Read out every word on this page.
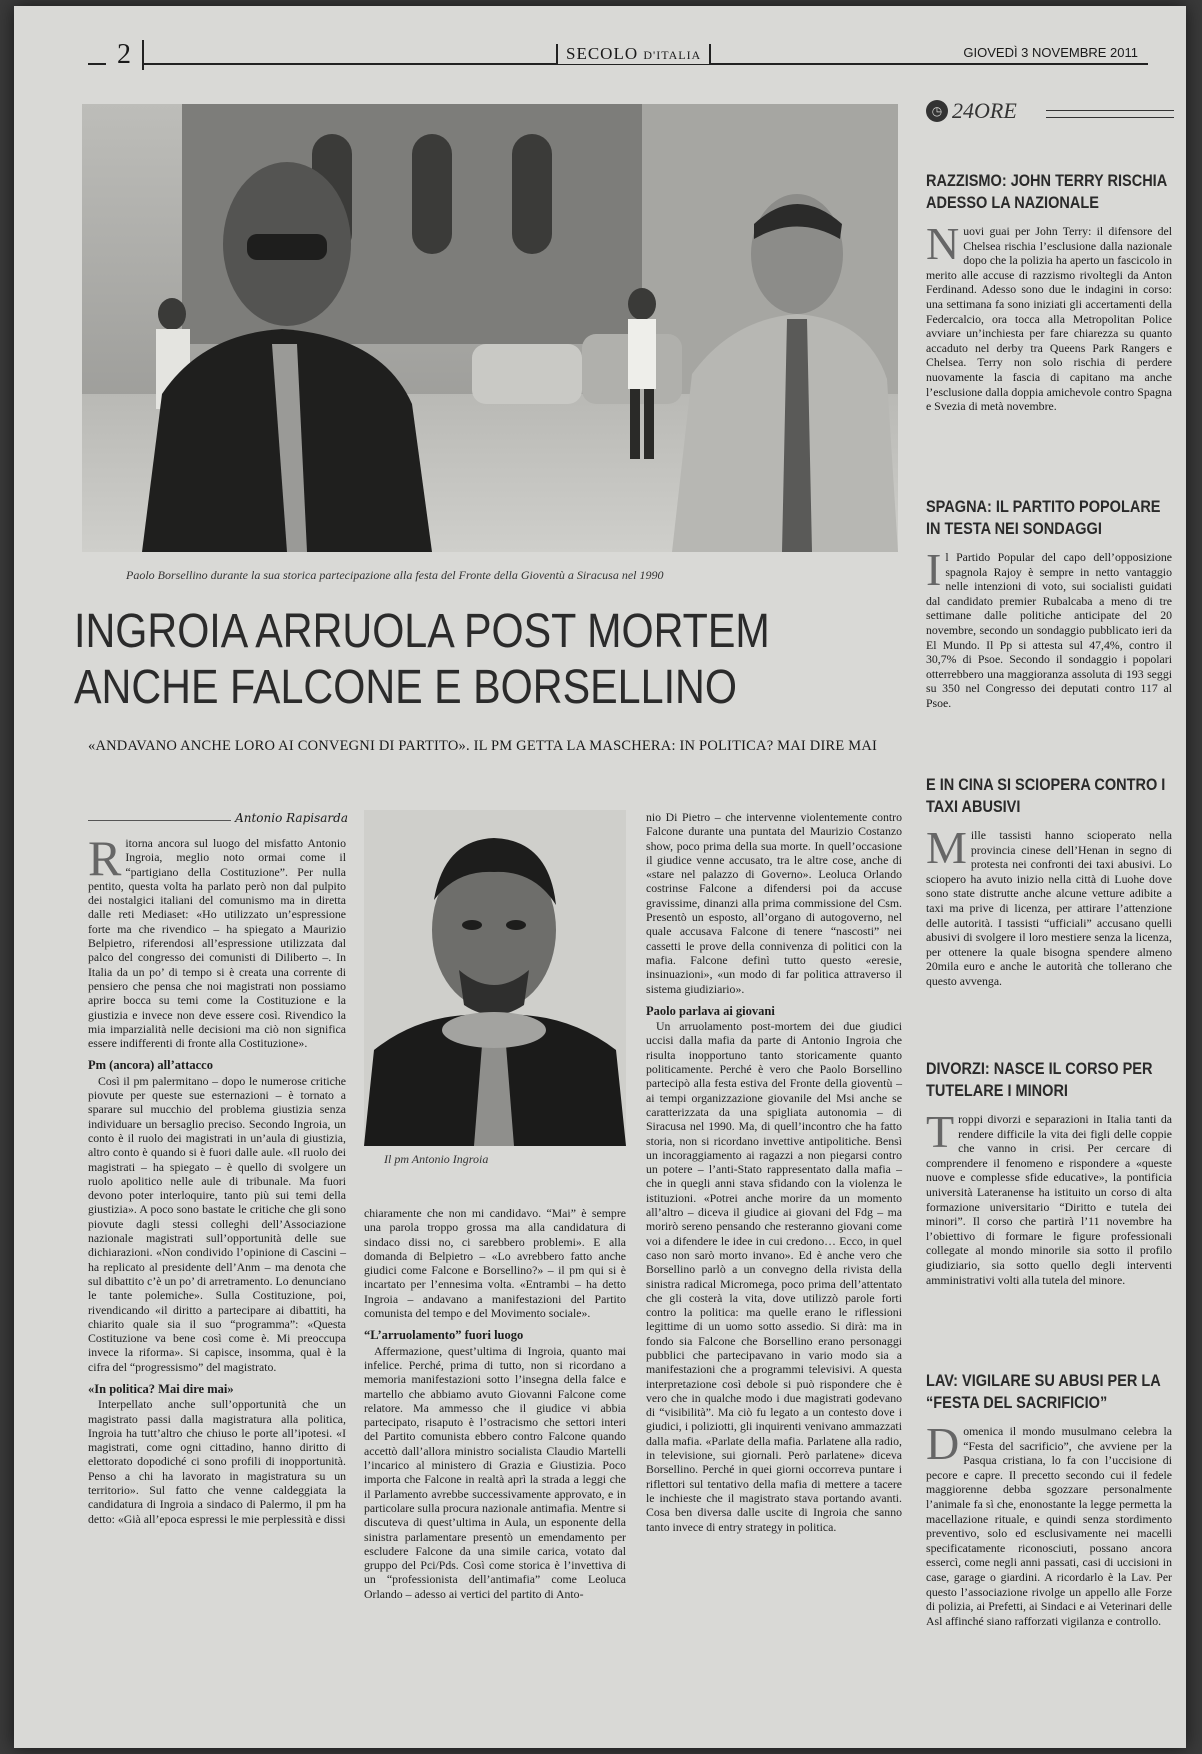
2	SECOLO D'ITALIA	GIOVEDÌ 3 NOVEMBRE 2011
Paolo Borsellino durante la sua storica partecipazione alla festa del Fronte della Gioventù a Siracusa nel 1990
INGROIA ARRUOLA POST MORTEM
ANCHE FALCONE E BORSELLINO
«ANDAVANO ANCHE LORO AI CONVEGNI DI PARTITO». IL PM GETTA LA MASCHERA: IN POLITICA? MAI DIRE MAI
Antonio Rapisarda

Ritorna ancora sul luogo del misfatto Antonio Ingroia, meglio noto ormai come il “partigiano della Costituzione”. Per nulla pentito, questa volta ha parlato però non dal pulpito dei nostalgici italiani del comunismo ma in diretta dalle reti Mediaset: «Ho utilizzato un’espressione forte ma che rivendico – ha spiegato a Maurizio Belpietro, riferendosi all’espressione utilizzata dal palco del congresso dei comunisti di Diliberto –. In Italia da un po’ di tempo si è creata una corrente di pensiero che pensa che noi magistrati non possiamo aprire bocca su temi come la Costituzione e la giustizia e invece non deve essere così. Rivendico la mia imparzialità nelle decisioni ma ciò non significa essere indifferenti di fronte alla Costituzione».

Pm (ancora) all’attacco

Così il pm palermitano – dopo le numerose critiche piovute per queste sue esternazioni – è tornato a sparare sul mucchio del problema giustizia senza individuare un bersaglio preciso. Secondo Ingroia, un conto è il ruolo dei magistrati in un’aula di giustizia, altro conto è quando si è fuori dalle aule. «Il ruolo dei magistrati – ha spiegato – è quello di svolgere un ruolo apolitico nelle aule di tribunale. Ma fuori devono poter interloquire, tanto più sui temi della giustizia». A poco sono bastate le critiche che gli sono piovute dagli stessi colleghi dell’Associazione nazionale magistrati sull’opportunità delle sue dichiarazioni. «Non condivido l’opinione di Cascini – ha replicato al presidente dell’Anm – ma denota che sul dibattito c’è un po’ di arretramento. Lo denunciano le tante polemiche». Sulla Costituzione, poi, rivendicando «il diritto a partecipare ai dibattiti, ha chiarito quale sia il suo “programma”: «Questa Costituzione va bene così come è. Mi preoccupa invece la riforma». Si capisce, insomma, qual è la cifra del “progressismo” del magistrato.

«In politica? Mai dire mai»

Interpellato anche sull’opportunità che un magistrato passi dalla magistratura alla politica, Ingroia ha tutt’altro che chiuso le porte all’ipotesi. «I magistrati, come ogni cittadino, hanno diritto di elettorato dopodiché ci sono profili di inopportunità. Penso a chi ha lavorato in magistratura su un territorio». Sul fatto che venne caldeggiata la candidatura di Ingroia a sindaco di Palermo, il pm ha detto: «Già all’epoca espressi le mie perplessità e dissi

Il pm Antonio Ingroia

chiaramente che non mi candidavo. “Mai” è sempre una parola troppo grossa ma alla candidatura di sindaco dissi no, ci sarebbero problemi». E alla domanda di Belpietro – «Lo avrebbero fatto anche giudici come Falcone e Borsellino?» – il pm qui si è incartato per l’ennesima volta. «Entrambi – ha detto Ingroia – andavano a manifestazioni del Partito comunista del tempo e del Movimento sociale».

“L’arruolamento” fuori luogo

Affermazione, quest’ultima di Ingroia, quanto mai infelice. Perché, prima di tutto, non si ricordano a memoria manifestazioni sotto l’insegna della falce e martello che abbiamo avuto Giovanni Falcone come relatore. Ma ammesso che il giudice vi abbia partecipato, risaputo è l’ostracismo che settori interi del Partito comunista ebbero contro Falcone quando accettò dall’allora ministro socialista Claudio Martelli l’incarico al ministero di Grazia e Giustizia. Poco importa che Falcone in realtà aprì la strada a leggi che il Parlamento avrebbe successivamente approvato, e in particolare sulla procura nazionale antimafia. Mentre si discuteva di quest’ultima in Aula, un esponente della sinistra parlamentare presentò un emendamento per escludere Falcone da una simile carica, votato dal gruppo del Pci/Pds. Così come storica è l’invettiva di un “professionista dell’antimafia” come Leoluca Orlando – adesso ai vertici del partito di Anto-

nio Di Pietro – che intervenne violentemente contro Falcone durante una puntata del Maurizio Costanzo show, poco prima della sua morte. In quell’occasione il giudice venne accusato, tra le altre cose, anche di «stare nel palazzo di Governo». Leoluca Orlando costrinse Falcone a difendersi poi da accuse gravissime, dinanzi alla prima commissione del Csm. Presentò un esposto, all’organo di autogoverno, nel quale accusava Falcone di tenere “nascosti” nei cassetti le prove della connivenza di politici con la mafia. Falcone definì tutto questo «eresie, insinuazioni», «un modo di far politica attraverso il sistema giudiziario».

Paolo parlava ai giovani

Un arruolamento post-mortem dei due giudici uccisi dalla mafia da parte di Antonio Ingroia che risulta inopportuno tanto storicamente quanto politicamente. Perché è vero che Paolo Borsellino partecipò alla festa estiva del Fronte della gioventù – ai tempi organizzazione giovanile del Msi anche se caratterizzata da una spigliata autonomia – di Siracusa nel 1990. Ma, di quell’incontro che ha fatto storia, non si ricordano invettive antipolitiche. Bensì un incoraggiamento ai ragazzi a non piegarsi contro un potere – l’anti-Stato rappresentato dalla mafia – che in quegli anni stava sfidando con la violenza le istituzioni. «Potrei anche morire da un momento all’altro – diceva il giudice ai giovani del Fdg – ma morirò sereno pensando che resteranno giovani come voi a difendere le idee in cui credono… Ecco, in quel caso non sarò morto invano». Ed è anche vero che Borsellino parlò a un convegno della rivista della sinistra radical Micromega, poco prima dell’attentato che gli costerà la vita, dove utilizzò parole forti contro la politica: ma quelle erano le riflessioni legittime di un uomo sotto assedio. Si dirà: ma in fondo sia Falcone che Borsellino erano personaggi pubblici che partecipavano in vario modo sia a manifestazioni che a programmi televisivi. A questa interpretazione così debole si può rispondere che è vero che in qualche modo i due magistrati godevano di “visibilità”. Ma ciò fu legato a un contesto dove i giudici, i poliziotti, gli inquirenti venivano ammazzati dalla mafia. «Parlate della mafia. Parlatene alla radio, in televisione, sui giornali. Però parlatene» diceva Borsellino. Perché in quei giorni occorreva puntare i riflettori sul tentativo della mafia di mettere a tacere le inchieste che il magistrato stava portando avanti. Cosa ben diversa dalle uscite di Ingroia che sanno tanto invece di entry strategy in politica.

◷ 24ORE
RAZZISMO: JOHN TERRY RISCHIA ADESSO LA NAZIONALE
Nuovi guai per John Terry: il difensore del Chelsea rischia l’esclusione dalla nazionale dopo che la polizia ha aperto un fascicolo in merito alle accuse di razzismo rivoltegli da Anton Ferdinand. Adesso sono due le indagini in corso: una settimana fa sono iniziati gli accertamenti della Federcalcio, ora tocca alla Metropolitan Police avviare un’inchiesta per fare chiarezza su quanto accaduto nel derby tra Queens Park Rangers e Chelsea. Terry non solo rischia di perdere nuovamente la fascia di capitano ma anche l’esclusione dalla doppia amichevole contro Spagna e Svezia di metà novembre.
SPAGNA: IL PARTITO POPOLARE IN TESTA NEI SONDAGGI
Il Partido Popular del capo dell’opposizione spagnola Rajoy è sempre in netto vantaggio nelle intenzioni di voto, sui socialisti guidati dal candidato premier Rubalcaba a meno di tre settimane dalle politiche anticipate del 20 novembre, secondo un sondaggio pubblicato ieri da El Mundo. Il Pp si attesta sul 47,4%, contro il 30,7% di Psoe. Secondo il sondaggio i popolari otterrebbero una maggioranza assoluta di 193 seggi su 350 nel Congresso dei deputati contro 117 al Psoe.
E IN CINA SI SCIOPERA CONTRO I TAXI ABUSIVI
Mille tassisti hanno scioperato nella provincia cinese dell’Henan in segno di protesta nei confronti dei taxi abusivi. Lo sciopero ha avuto inizio nella città di Luohe dove sono state distrutte anche alcune vetture adibite a taxi ma prive di licenza, per attirare l’attenzione delle autorità. I tassisti “ufficiali” accusano quelli abusivi di svolgere il loro mestiere senza la licenza, per ottenere la quale bisogna spendere almeno 20mila euro e anche le autorità che tollerano che questo avvenga.
DIVORZI: NASCE IL CORSO PER TUTELARE I MINORI
Troppi divorzi e separazioni in Italia tanti da rendere difficile la vita dei figli delle coppie che vanno in crisi. Per cercare di comprendere il fenomeno e rispondere a «queste nuove e complesse sfide educative», la pontificia università Lateranense ha istituito un corso di alta formazione universitario “Diritto e tutela dei minori”. Il corso che partirà l’11 novembre ha l’obiettivo di formare le figure professionali collegate al mondo minorile sia sotto il profilo giudiziario, sia sotto quello degli interventi amministrativi volti alla tutela del minore.
LAV: VIGILARE SU ABUSI PER LA “FESTA DEL SACRIFICIO”
Domenica il mondo musulmano celebra la “Festa del sacrificio”, che avviene per la Pasqua cristiana, lo fa con l’uccisione di pecore e capre. Il precetto secondo cui il fedele maggiorenne debba sgozzare personalmente l’animale fa sì che, enonostante la legge permetta la macellazione rituale, e quindi senza stordimento preventivo, solo ed esclusivamente nei macelli specificatamente riconosciuti, possano ancora essercì, come negli anni passati, casi di uccisioni in case, garage o giardini. A ricordarlo è la Lav. Per questo l’associazione rivolge un appello alle Forze di polizia, ai Prefetti, ai Sindaci e ai Veterinari delle Asl affinché siano rafforzati vigilanza e controllo.
